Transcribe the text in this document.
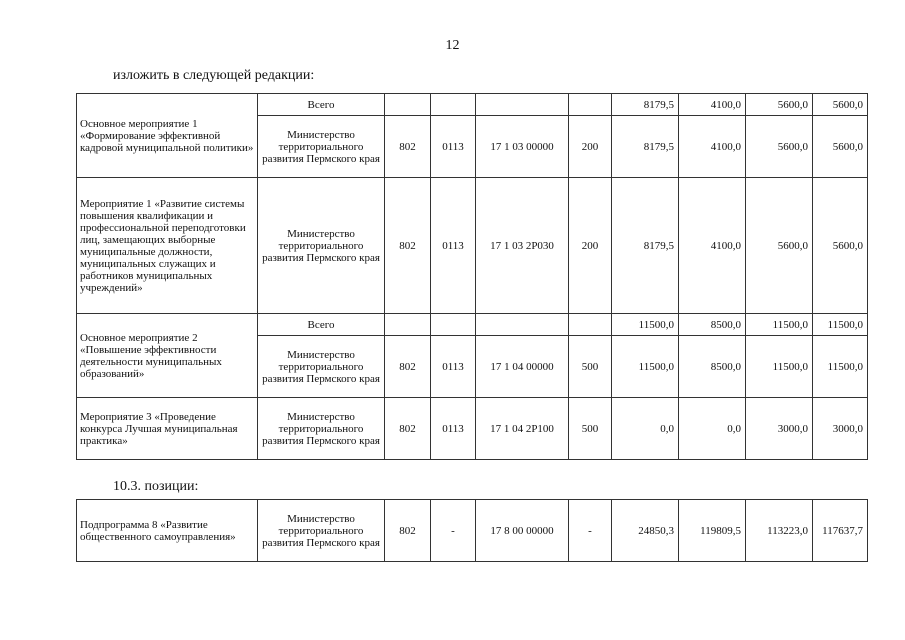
12
изложить в следующей редакции:
Основное мероприятие 1 «Формирование эффективной кадровой муниципальной политики»	Всего					8179,5	4100,0	5600,0	5600,0
	Министерство территориального развития Пермского края	802	0113	17 1 03 00000	200	8179,5	4100,0	5600,0	5600,0
Мероприятие 1 «Развитие системы повышения квалификации и профессиональной переподготовки лиц, замещающих выборные муниципальные должности, муниципальных служащих и работников муниципальных учреждений»	Министерство территориального развития Пермского края	802	0113	17 1 03 2Р030	200	8179,5	4100,0	5600,0	5600,0
Основное мероприятие 2 «Повышение эффективности деятельности муниципальных образований»	Всего					11500,0	8500,0	11500,0	11500,0
	Министерство территориального развития Пермского края	802	0113	17 1 04 00000	500	11500,0	8500,0	11500,0	11500,0
Мероприятие 3 «Проведение конкурса Лучшая муниципальная практика»	Министерство территориального развития Пермского края	802	0113	17 1 04 2Р100	500	0,0	0,0	3000,0	3000,0
10.3. позиции:
Подпрограмма 8 «Развитие общественного самоуправления»	Министерство территориального развития Пермского края	802	-	17 8 00 00000	-	24850,3	119809,5	113223,0	117637,7
